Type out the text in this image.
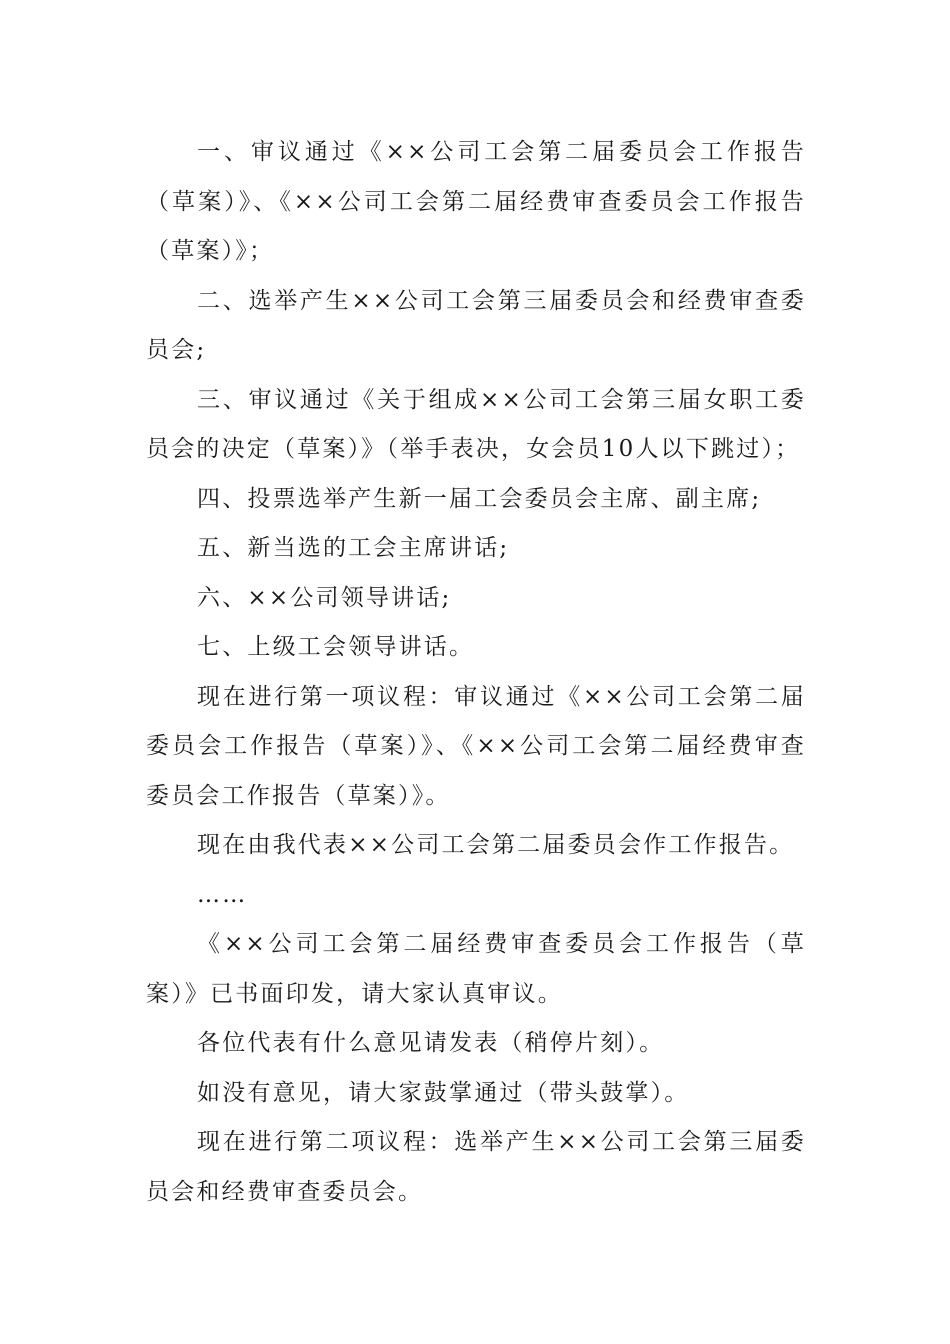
一、审议通过《××公司工会第二届委员会工作报告（草案）》、《××公司工会第二届经费审查委员会工作报告（草案）》；

二、选举产生××公司工会第三届委员会和经费审查委员会;

三、审议通过《关于组成××公司工会第三届女职工委员会的决定（草案）》（举手表决，女会员10人以下跳过）；

四、投票选举产生新一届工会委员会主席、副主席;

五、新当选的工会主席讲话;

六、××公司领导讲话;

七、上级工会领导讲话。

现在进行第一项议程：审议通过《××公司工会第二届委员会工作报告（草案）》、《××公司工会第二届经费审查委员会工作报告（草案）》。

现在由我代表××公司工会第二届委员会作工作报告。

……

《××公司工会第二届经费审查委员会工作报告（草案）》已书面印发，请大家认真审议。

各位代表有什么意见请发表（稍停片刻）。

如没有意见，请大家鼓掌通过（带头鼓掌）。

现在进行第二项议程：选举产生××公司工会第三届委员会和经费审查委员会。
